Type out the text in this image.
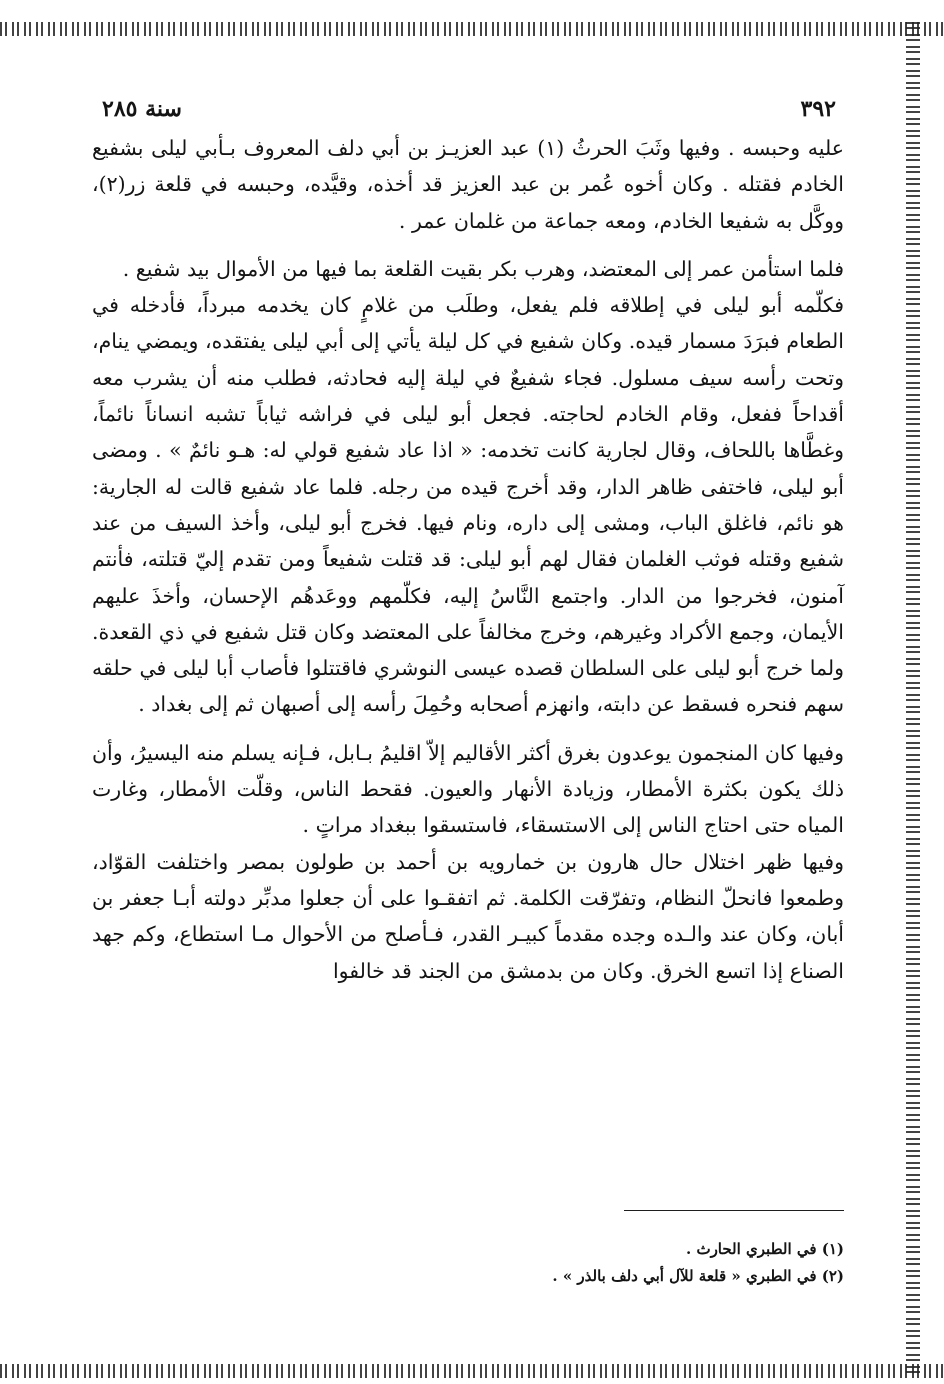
٣٩٢
سنة ٢٨٥

عليه وحبسه . وفيها وثَبَ الحرثُ (١) عبد العزيـز بن أبي دلف المعروف بـأبي ليلى بشفيع الخادم فقتله . وكان أخوه عُمر بن عبد العزيز قد أخذه، وقيَّده، وحبسه في قلعة زر(٢)، ووكَّل به شفيعا الخادم، ومعه جماعة من غلمان عمر .

فلما استأمن عمر إلى المعتضد، وهرب بكر بقيت القلعة بما فيها من الأموال بيد شفيع .

فكلّمه أبو ليلى في إطلاقه فلم يفعل، وطلَب من غلامٍ كان يخدمه مبرداً، فأدخله في الطعام فبرَدَ مسمار قيده. وكان شفيع في كل ليلة يأتي إلى أبي ليلى يفتقده، ويمضي ينام، وتحت رأسه سيف مسلول. فجاء شفيعٌ في ليلة إليه فحادثه، فطلب منه أن يشرب معه أقداحاً ففعل، وقام الخادم لحاجته. فجعل أبو ليلى في فراشه ثياباً تشبه انساناً نائماً، وغطَّاها باللحاف، وقال لجارية كانت تخدمه: « اذا عاد شفيع قولي له: هـو نائمٌ » . ومضى أبو ليلى، فاختفى ظاهر الدار، وقد أخرج قيده من رجله. فلما عاد شفيع قالت له الجارية: هو نائم، فاغلق الباب، ومشى إلى داره، ونام فيها. فخرج أبو ليلى، وأخذ السيف من عند شفيع وقتله فوثب الغلمان فقال لهم أبو ليلى: قد قتلت شفيعاً ومن تقدم إليّ قتلته، فأنتم آمنون، فخرجوا من الدار. واجتمع النَّاسُ إليه، فكلّمهم ووعَدهُم الإحسان، وأخذَ عليهم الأيمان، وجمع الأكراد وغيرهم، وخرج مخالفاً على المعتضد وكان قتل شفيع في ذي القعدة. ولما خرج أبو ليلى على السلطان قصده عيسى النوشري فاقتتلوا فأصاب أبا ليلى في حلقه سهم فنحره فسقط عن دابته، وانهزم أصحابه وحُمِلَ رأسه إلى أصبهان ثم إلى بغداد .

وفيها كان المنجمون يوعدون بغرق أكثر الأقاليم إلاّ اقليمُ بـابل، فـإنه يسلم منه اليسيرُ، وأن ذلك يكون بكثرة الأمطار، وزيادة الأنهار والعيون. فقحط الناس، وقلّت الأمطار، وغارت المياه حتى احتاج الناس إلى الاستسقاء، فاستسقوا ببغداد مراتٍ .

وفيها ظهر اختلال حال هارون بن خمارويه بن أحمد بن طولون بمصر واختلفت القوّاد، وطمعوا فانحلّ النظام، وتفرّقت الكلمة. ثم اتفقـوا على أن جعلوا مدبِّر دولته أبـا جعفر بن أبان، وكان عند والـده وجده مقدماً كبيـر القدر، فـأصلح من الأحوال مـا استطاع، وكم جهد الصناع إذا اتسع الخرق. وكان من بدمشق من الجند قد خالفوا

(١) في الطبري الحارث .
(٢) في الطبري « قلعة للآل أبي دلف بالذر » .
